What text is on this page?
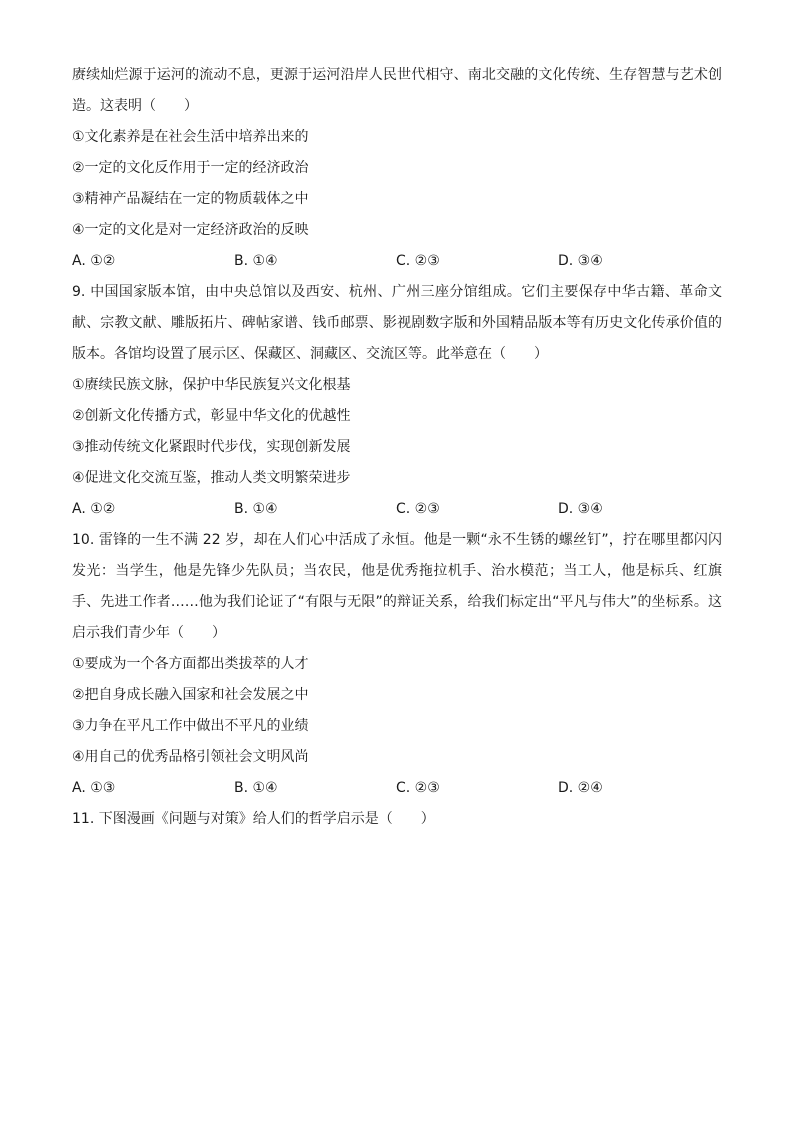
赓续灿烂源于运河的流动不息，更源于运河沿岸人民世代相守、南北交融的文化传统、生存智慧与艺术创造。这表明（　　）

①文化素养是在社会生活中培养出来的

②一定的文化反作用于一定的经济政治

③精神产品凝结在一定的物质载体之中

④一定的文化是对一定经济政治的反映

A. ①②	B. ①④	C. ②③	D. ③④

9. 中国国家版本馆，由中央总馆以及西安、杭州、广州三座分馆组成。它们主要保存中华古籍、革命文献、宗教文献、雕版拓片、碑帖家谱、钱币邮票、影视剧数字版和外国精品版本等有历史文化传承价值的版本。各馆均设置了展示区、保藏区、洞藏区、交流区等。此举意在（　　）

①赓续民族文脉，保护中华民族复兴文化根基

②创新文化传播方式，彰显中华文化的优越性

③推动传统文化紧跟时代步伐，实现创新发展

④促进文化交流互鉴，推动人类文明繁荣进步

A. ①②	B. ①④	C. ②③	D. ③④

10. 雷锋的一生不满 22 岁，却在人们心中活成了永恒。他是一颗“永不生锈的螺丝钉”，拧在哪里都闪闪发光：当学生，他是先锋少先队员；当农民，他是优秀拖拉机手、治水模范；当工人，他是标兵、红旗手、先进工作者……他为我们论证了“有限与无限”的辩证关系，给我们标定出“平凡与伟大”的坐标系。这启示我们青少年（　　）

①要成为一个各方面都出类拔萃的人才

②把自身成长融入国家和社会发展之中

③力争在平凡工作中做出不平凡的业绩

④用自己的优秀品格引领社会文明风尚

A. ①③	B. ①④	C. ②③	D. ②④

11. 下图漫画《问题与对策》给人们的哲学启示是（　　）
